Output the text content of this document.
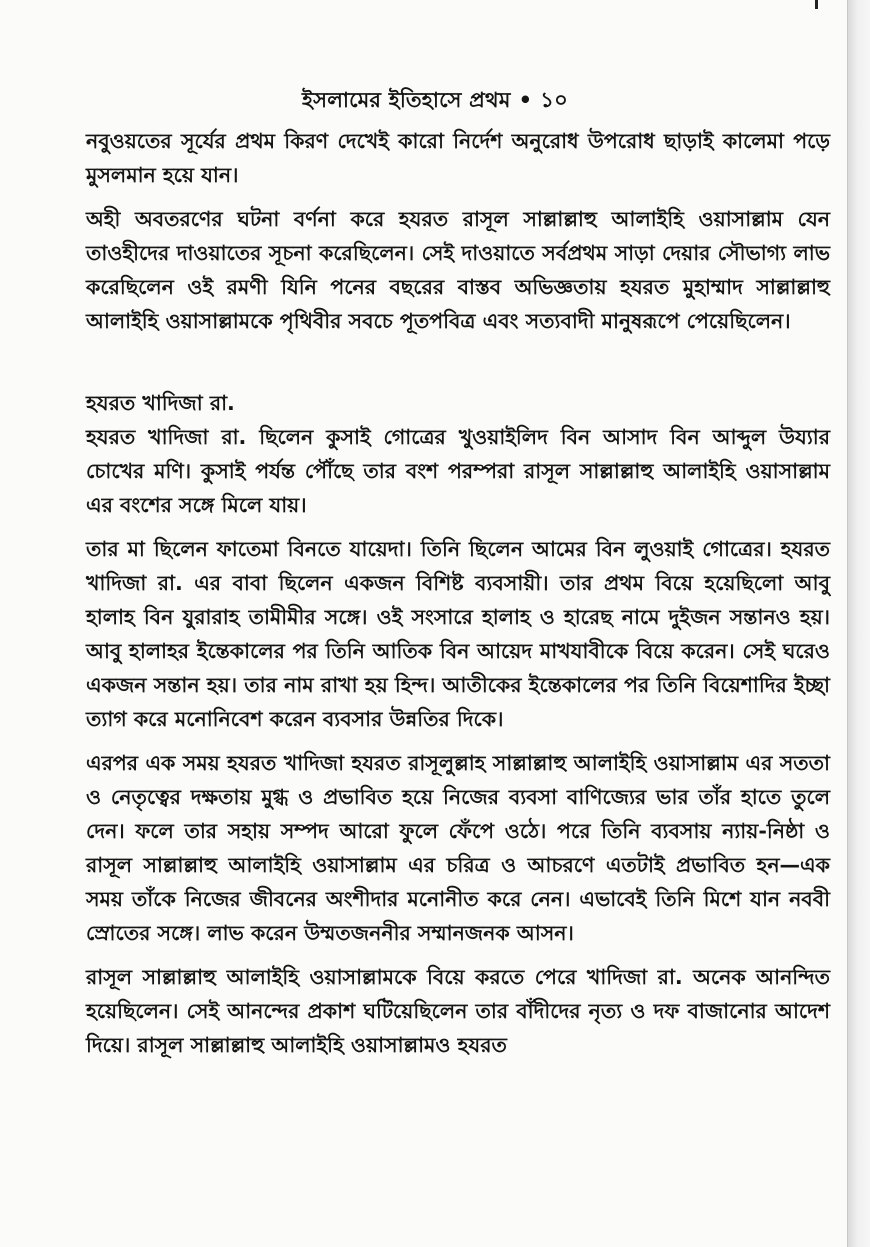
ইসলামের ইতিহাসে প্রথম • ১০

নবুওয়তের সূর্যের প্রথম কিরণ দেখেই কারো নির্দেশ অনুরোধ উপরোধ ছাড়াই কালেমা পড়ে মুসলমান হয়ে যান।

অহী অবতরণের ঘটনা বর্ণনা করে হযরত রাসূল সাল্লাল্লাহু আলাইহি ওয়াসাল্লাম যেন তাওহীদের দাওয়াতের সূচনা করেছিলেন। সেই দাওয়াতে সর্বপ্রথম সাড়া দেয়ার সৌভাগ্য লাভ করেছিলেন ওই রমণী যিনি পনের বছরের বাস্তব অভিজ্ঞতায় হযরত মুহাম্মাদ সাল্লাল্লাহু আলাইহি ওয়াসাল্লামকে পৃথিবীর সবচে পূতপবিত্র এবং সত্যবাদী মানুষরূপে পেয়েছিলেন।

হযরত খাদিজা রা.

হযরত খাদিজা রা. ছিলেন কুসাই গোত্রের খুওয়াইলিদ বিন আসাদ বিন আব্দুল উয্যার চোখের মণি। কুসাই পর্যন্ত পৌঁছে তার বংশ পরম্পরা রাসূল সাল্লাল্লাহু আলাইহি ওয়াসাল্লাম এর বংশের সঙ্গে মিলে যায়।

তার মা ছিলেন ফাতেমা বিনতে যায়েদা। তিনি ছিলেন আমের বিন লুওয়াই গোত্রের। হযরত খাদিজা রা. এর বাবা ছিলেন একজন বিশিষ্ট ব্যবসায়ী। তার প্রথম বিয়ে হয়েছিলো আবু হালাহ বিন যুরারাহ তামীমীর সঙ্গে। ওই সংসারে হালাহ ও হারেছ নামে দুইজন সন্তানও হয়। আবু হালাহর ইন্তেকালের পর তিনি আতিক বিন আয়েদ মাখযাবীকে বিয়ে করেন। সেই ঘরেও একজন সন্তান হয়। তার নাম রাখা হয় হিন্দ। আতীকের ইন্তেকালের পর তিনি বিয়েশাদির ইচ্ছা ত্যাগ করে মনোনিবেশ করেন ব্যবসার উন্নতির দিকে।

এরপর এক সময় হযরত খাদিজা হযরত রাসূলুল্লাহ সাল্লাল্লাহু আলাইহি ওয়াসাল্লাম এর সততা ও নেতৃত্বের দক্ষতায় মুগ্ধ ও প্রভাবিত হয়ে নিজের ব্যবসা বাণিজ্যের ভার তাঁর হাতে তুলে দেন। ফলে তার সহায় সম্পদ আরো ফুলে ফেঁপে ওঠে। পরে তিনি ব্যবসায় ন্যায়-নিষ্ঠা ও রাসূল সাল্লাল্লাহু আলাইহি ওয়াসাল্লাম এর চরিত্র ও আচরণে এতটাই প্রভাবিত হন—এক সময় তাঁকে নিজের জীবনের অংশীদার মনোনীত করে নেন। এভাবেই তিনি মিশে যান নববী স্রোতের সঙ্গে। লাভ করেন উম্মতজননীর সম্মানজনক আসন।

রাসূল সাল্লাল্লাহু আলাইহি ওয়াসাল্লামকে বিয়ে করতে পেরে খাদিজা রা. অনেক আনন্দিত হয়েছিলেন। সেই আনন্দের প্রকাশ ঘটিয়েছিলেন তার বাঁদীদের নৃত্য ও দফ বাজানোর আদেশ দিয়ে। রাসূল সাল্লাল্লাহু আলাইহি ওয়াসাল্লামও হযরত
